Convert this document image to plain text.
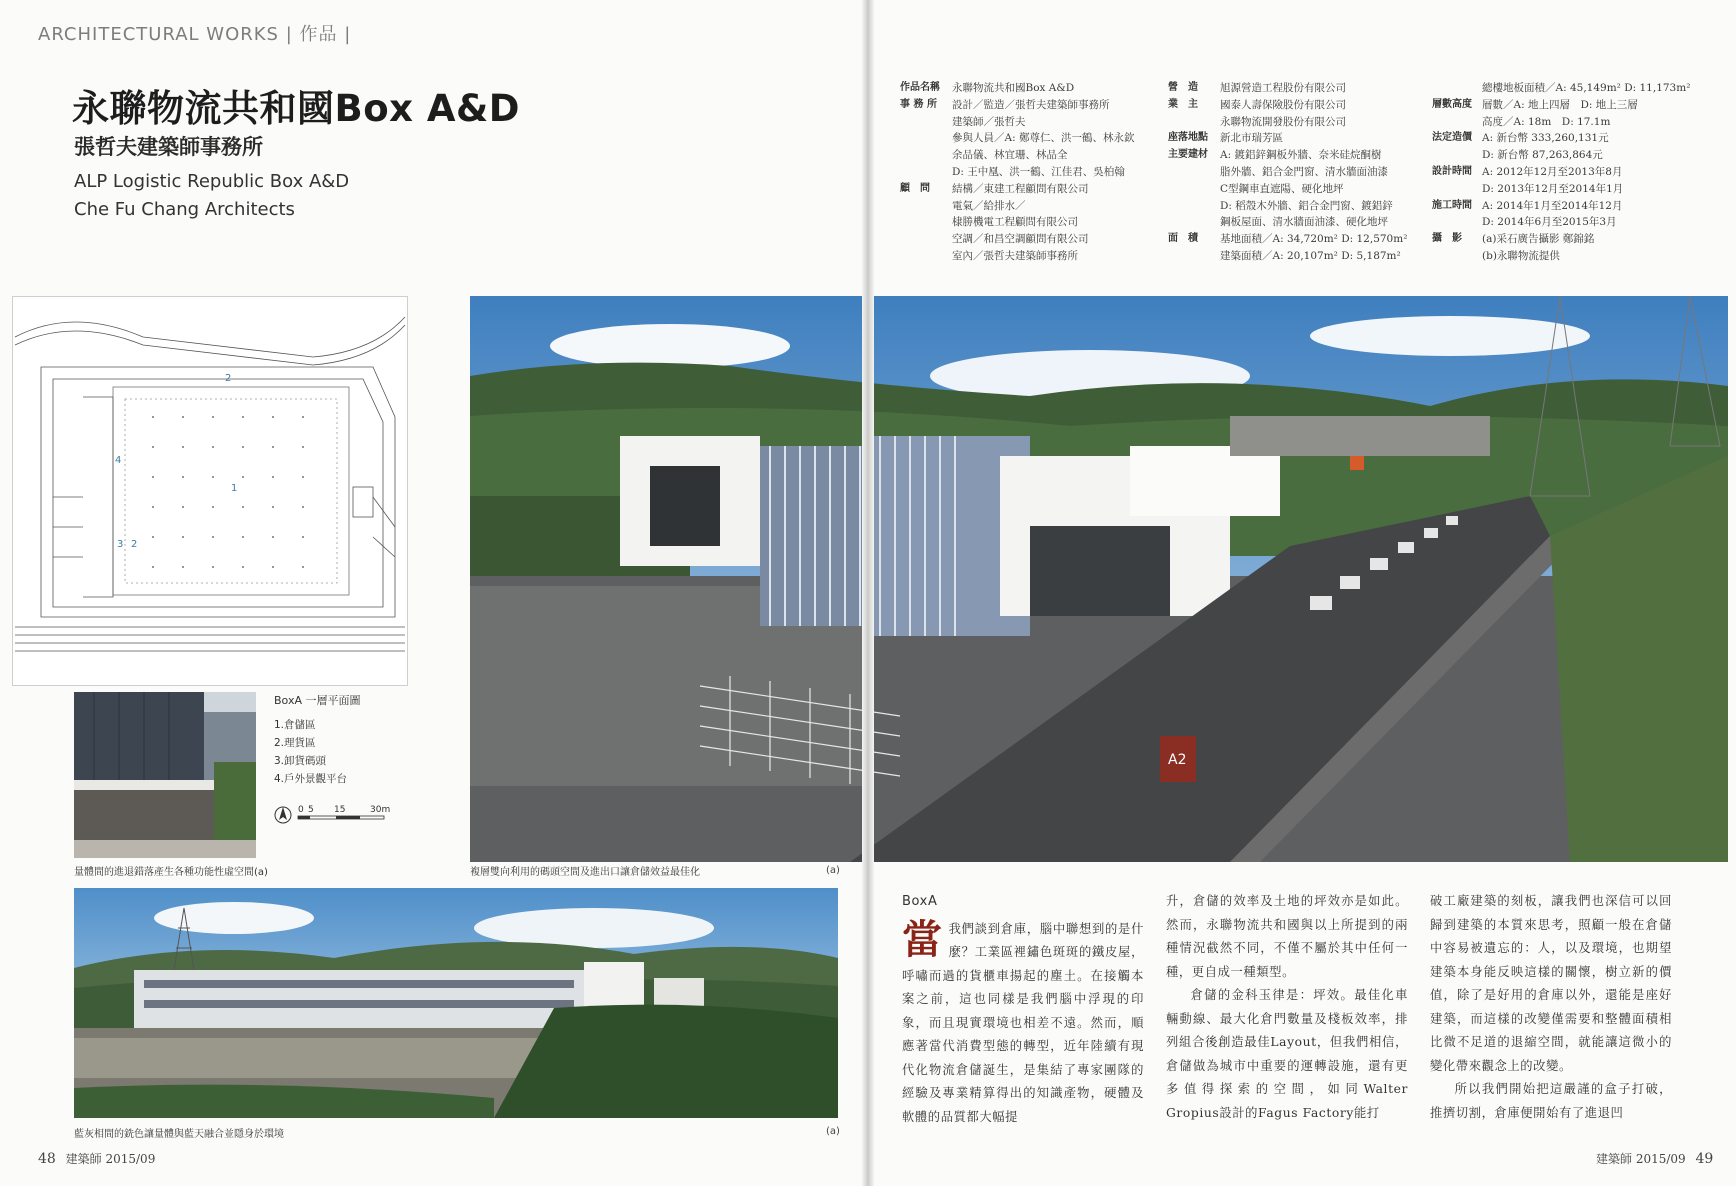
ARCHITECTURAL WORKS | 作品 |
永聯物流共和國Box A&D
張哲夫建築師事務所
ALP Logistic Republic Box A&D
Che Fu Chang Architects
1
2
2
3
4
BoxA 一層平面圖
1.倉儲區
2.理貨區
3.卸貨碼頭
4.戶外景觀平台
0 5 15	30m
量體間的進退錯落產生各種功能性虛空間(a)	複層雙向利用的碼頭空間及進出口讓倉儲效益最佳化	(a)
藍灰相間的銑色讓量體與藍天融合並隱身於環境	(a)
48 建築師 2015/09
作品名稱	永聯物流共和國Box A&D
事 務 所	設計／監造／張哲夫建築師事務所
建築師／張哲夫
參與人員／A: 鄭尊仁、洪一鶴、林永欽
余品儀、林宜珊、林品全
D: 王中凰、洪一鶴、江佳君、吳柏翰
顧　問	結構／東建工程顧問有限公司
電氣／給排水／
棣勝機電工程顧問有限公司
空調／和昌空調顧問有限公司
室內／張哲夫建築師事務所
營　造	旭源營造工程股份有限公司
業　主	國泰人壽保險股份有限公司
永聯物流開發股份有限公司
座落地點	新北市瑞芳區
主要建材	A: 鍍鋁鋅鋼板外牆、奈米硅烷酮樹
脂外牆、鋁合金門窗、清水牆面油漆
C型鋼車直遮陽、硬化地坪
D: 稻殼木外牆、鋁合金門窗、鍍鋁鋅
鋼板屋面、清水牆面油漆、硬化地坪
面　積	基地面積／A: 34,720m² D: 12,570m²
建築面積／A: 20,107m² D: 5,187m²
總樓地板面積／A: 45,149m² D: 11,173m²
層數高度 層數／A: 地上四層　D: 地上三層
高度／A: 18m　D: 17.1m
法定造價 A: 新台幣 333,260,131元
D: 新台幣 87,263,864元
設計時間 A: 2012年12月至2013年8月
D: 2013年12月至2014年1月
施工時間 A: 2014年1月至2014年12月
D: 2014年6月至2015年3月
攝　影	(a)采石廣告攝影 鄭錦銘
(b)永聯物流提供
BoxA
當 我們談到倉庫，腦中聯想到的是什麼？工業區裡鏽色斑斑的鐵皮屋，呼嘯而過的貨櫃車揚起的塵土。在接觸本案之前，這也同樣是我們腦中浮現的印象，而且現實環境也相差不遠。然而，順應著當代消費型態的轉型，近年陸續有現代化物流倉儲誕生，是集結了專家團隊的經驗及專業精算得出的知識產物，硬體及軟體的品質都大幅提

升，倉儲的效率及土地的坪效亦是如此。然而，永聯物流共和國與以上所提到的兩種情況截然不同，不僅不屬於其中任何一種，更自成一種類型。

倉儲的金科玉律是：坪效。最佳化車輛動線、最大化倉門數量及棧板效率，排列組合後創造最佳Layout，但我們相信，倉儲做為城市中重要的運轉設施，還有更多值得探索的空間，如同Walter Gropius設計的Fagus Factory能打

破工廠建築的刻板，讓我們也深信可以回歸到建築的本質來思考，照顧一般在倉儲中容易被遺忘的：人，以及環境，也期望建築本身能反映這樣的關懷，樹立新的價值，除了是好用的倉庫以外，還能是座好建築，而這樣的改變僅需要和整體面積相比微不足道的退縮空間，就能讓這微小的變化帶來觀念上的改變。

所以我們開始把這嚴謹的盒子打破，推擠切割，倉庫便開始有了進退凹

建築師 2015/09 49
A2
